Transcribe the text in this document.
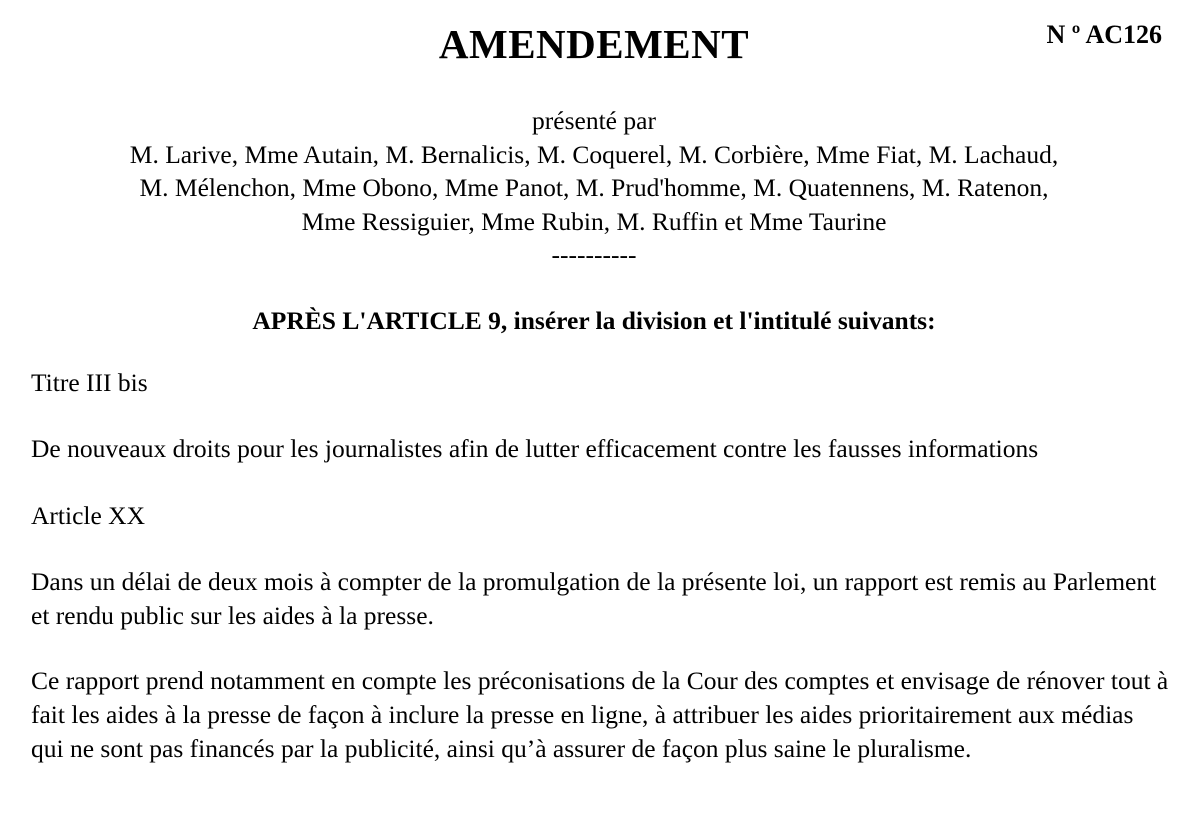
AMENDEMENT	N º AC126
présenté par
M. Larive, Mme Autain, M. Bernalicis, M. Coquerel, M. Corbière, Mme Fiat, M. Lachaud,
M. Mélenchon, Mme Obono, Mme Panot, M. Prud'homme, M. Quatennens, M. Ratenon,
Mme Ressiguier, Mme Rubin, M. Ruffin et Mme Taurine
----------
APRÈS L'ARTICLE 9, insérer la division et l'intitulé suivants:

Titre III bis

De nouveaux droits pour les journalistes afin de lutter efficacement contre les fausses informations

Article XX

Dans un délai de deux mois à compter de la promulgation de la présente loi, un rapport est remis au Parlement et rendu public sur les aides à la presse.

Ce rapport prend notamment en compte les préconisations de la Cour des comptes et envisage de rénover tout à fait les aides à la presse de façon à inclure la presse en ligne, à attribuer les aides prioritairement aux médias qui ne sont pas financés par la publicité, ainsi qu’à assurer de façon plus saine le pluralisme.
